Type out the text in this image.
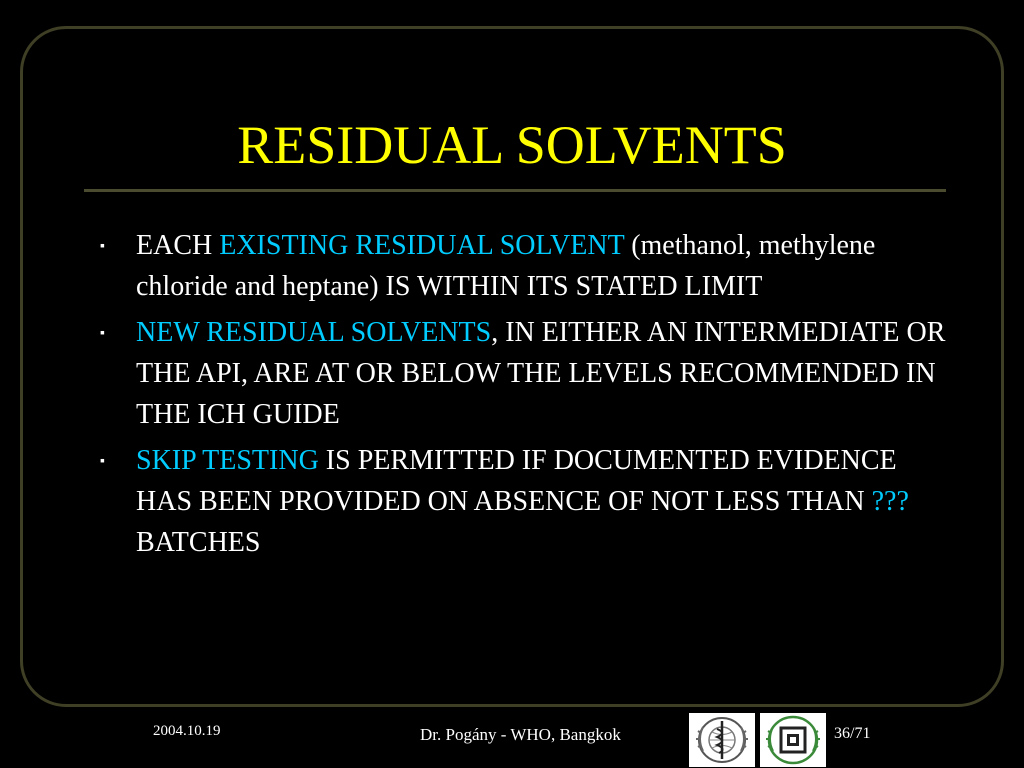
RESIDUAL SOLVENTS
▪ EACH EXISTING RESIDUAL SOLVENT (methanol, methylene chloride and heptane) IS WITHIN ITS STATED LIMIT
▪ NEW RESIDUAL SOLVENTS, IN EITHER AN INTERMEDIATE OR THE API, ARE AT OR BELOW THE LEVELS RECOMMENDED IN THE ICH GUIDE
▪ SKIP TESTING IS PERMITTED IF DOCUMENTED EVIDENCE HAS BEEN PROVIDED ON ABSENCE OF NOT LESS THAN ??? BATCHES
2004.10.19	Dr. Pogány - WHO, Bangkok	36/71
